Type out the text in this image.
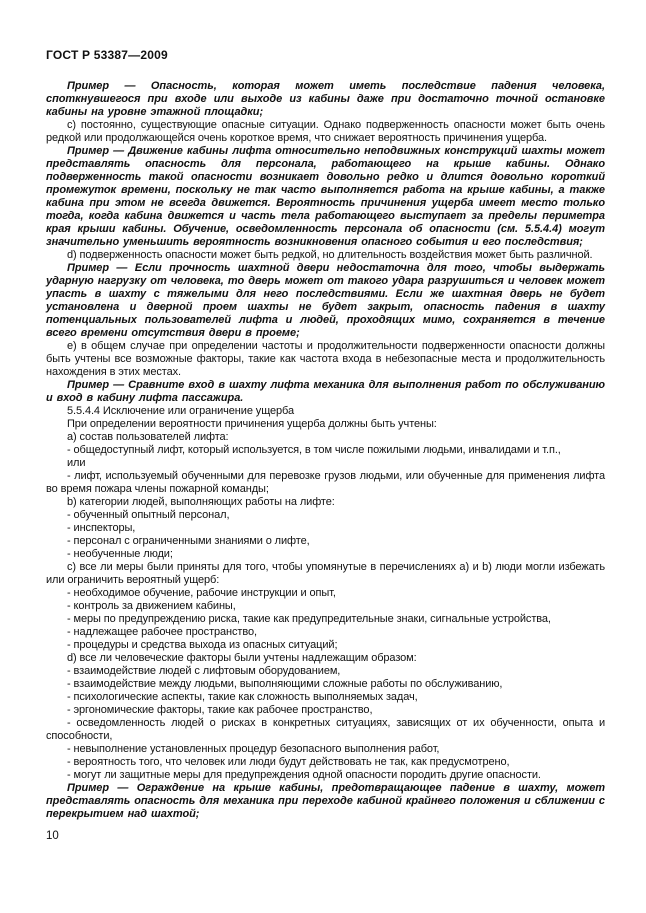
ГОСТ Р 53387—2009

Пример — Опасность, которая может иметь последствие падения человека, споткнувшегося при входе или выходе из кабины даже при достаточно точной остановке кабины на уровне этажной площадки;

c) постоянно, существующие опасные ситуации. Однако подверженность опасности может быть очень редкой или продолжающейся очень короткое время, что снижает вероятность причинения ущерба.

Пример — Движение кабины лифта относительно неподвижных конструкций шахты может представлять опасность для персонала, работающего на крыше кабины. Однако подверженность такой опасности возникает довольно редко и длится довольно короткий промежуток времени, поскольку не так часто выполняется работа на крыше кабины, а также кабина при этом не всегда движется. Вероятность причинения ущерба имеет место только тогда, когда кабина движется и часть тела работающего выступает за пределы периметра края крыши кабины. Обучение, осведомленность персонала об опасности (см. 5.5.4.4) могут значительно уменьшить вероятность возникновения опасного события и его последствия;

d) подверженность опасности может быть редкой, но длительность воздействия может быть различной.

Пример — Если прочность шахтной двери недостаточна для того, чтобы выдержать ударную нагрузку от человека, то дверь может от такого удара разрушиться и человек может упасть в шахту с тяжелыми для него последствиями. Если же шахтная дверь не будет установлена и дверной проем шахты не будет закрыт, опасность падения в шахту потенциальных пользователей лифта и людей, проходящих мимо, сохраняется в течение всего времени отсутствия двери в проеме;

e) в общем случае при определении частоты и продолжительности подверженности опасности должны быть учтены все возможные факторы, такие как частота входа в небезопасные места и продолжительность нахождения в этих местах.

Пример — Сравните вход в шахту лифта механика для выполнения работ по обслуживанию и вход в кабину лифта пассажира.

5.5.4.4 Исключение или ограничение ущерба

При определении вероятности причинения ущерба должны быть учтены:

a) состав пользователей лифта:

- общедоступный лифт, который используется, в том числе пожилыми людьми, инвалидами и т.п.,

или

- лифт, используемый обученными для перевозке грузов людьми, или обученные для применения лифта во время пожара члены пожарной команды;

b) категории людей, выполняющих работы на лифте:

- обученный опытный персонал,

- инспекторы,

- персонал с ограниченными знаниями о лифте,

- необученные люди;

c) все ли меры были приняты для того, чтобы упомянутые в перечислениях a) и b) люди могли избежать или ограничить вероятный ущерб:

- необходимое обучение, рабочие инструкции и опыт,

- контроль за движением кабины,

- меры по предупреждению риска, такие как предупредительные знаки, сигнальные устройства,

- надлежащее рабочее пространство,

- процедуры и средства выхода из опасных ситуаций;

d) все ли человеческие факторы были учтены надлежащим образом:

- взаимодействие людей с лифтовым оборудованием,

- взаимодействие между людьми, выполняющими сложные работы по обслуживанию,

- психологические аспекты, такие как сложность выполняемых задач,

- эргономические факторы, такие как рабочее пространство,

- осведомленность людей о рисках в конкретных ситуациях, зависящих от их обученности, опыта и способности,

- невыполнение установленных процедур безопасного выполнения работ,

- вероятность того, что человек или люди будут действовать не так, как предусмотрено,

- могут ли защитные меры для предупреждения одной опасности породить другие опасности.

Пример — Ограждение на крыше кабины, предотвращающее падение в шахту, может представлять опасность для механика при переходе кабиной крайнего положения и сближении с перекрытием над шахтой;

10
